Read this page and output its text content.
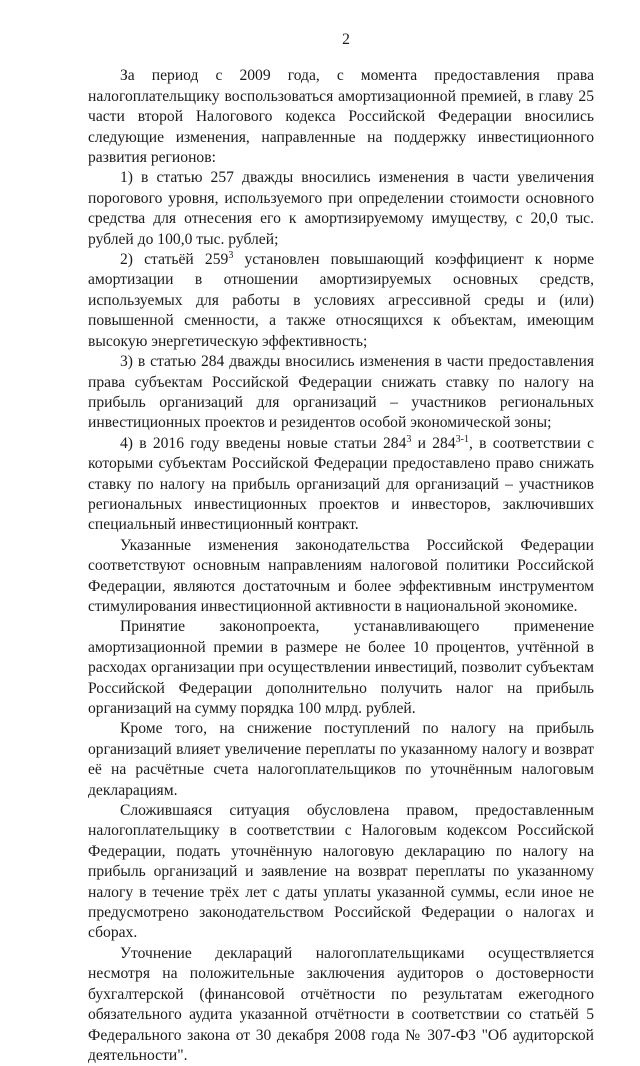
2

За период с 2009 года, с момента предоставления права налогоплательщику воспользоваться амортизационной премией, в главу 25 части второй Налогового кодекса Российской Федерации вносились следующие изменения, направленные на поддержку инвестиционного развития регионов:

1) в статью 257 дважды вносились изменения в части увеличения порогового уровня, используемого при определении стоимости основного средства для отнесения его к амортизируемому имуществу, с 20,0 тыс. рублей до 100,0 тыс. рублей;

2) статьёй $259^3$ установлен повышающий коэффициент к норме амортизации в отношении амортизируемых основных средств, используемых для работы в условиях агрессивной среды и (или) повышенной сменности, а также относящихся к объектам, имеющим высокую энергетическую эффективность;

3) в статью 284 дважды вносились изменения в части предоставления права субъектам Российской Федерации снижать ставку по налогу на прибыль организаций для организаций – участников региональных инвестиционных проектов и резидентов особой экономической зоны;

4) в 2016 году введены новые статьи $284^3$ и 284$^{3-1}$, в соответствии с которыми субъектам Российской Федерации предоставлено право снижать ставку по налогу на прибыль организаций для организаций – участников региональных инвестиционных проектов и инвесторов, заключивших специальный инвестиционный контракт.

Указанные изменения законодательства Российской Федерации соответствуют основным направлениям налоговой политики Российской Федерации, являются достаточным и более эффективным инструментом стимулирования инвестиционной активности в национальной экономике.

Принятие законопроекта, устанавливающего применение амортизационной премии в размере не более 10 процентов, учтённой в расходах организации при осуществлении инвестиций, позволит субъектам Российской Федерации дополнительно получить налог на прибыль организаций на сумму порядка 100 млрд. рублей.

Кроме того, на снижение поступлений по налогу на прибыль организаций влияет увеличение переплаты по указанному налогу и возврат её на расчётные счета налогоплательщиков по уточнённым налоговым декларациям.

Сложившаяся ситуация обусловлена правом, предоставленным налогоплательщику в соответствии с Налоговым кодексом Российской Федерации, подать уточнённую налоговую декларацию по налогу на прибыль организаций и заявление на возврат переплаты по указанному налогу в течение трёх лет с даты уплаты указанной суммы, если иное не предусмотрено законодательством Российской Федерации о налогах и сборах.

Уточнение деклараций налогоплательщиками осуществляется несмотря на положительные заключения аудиторов о достоверности бухгалтерской (финансовой отчётности по результатам ежегодного обязательного аудита указанной отчётности в соответствии со статьёй 5 Федерального закона от 30 декабря 2008 года № 307-ФЗ "Об аудиторской деятельности".
